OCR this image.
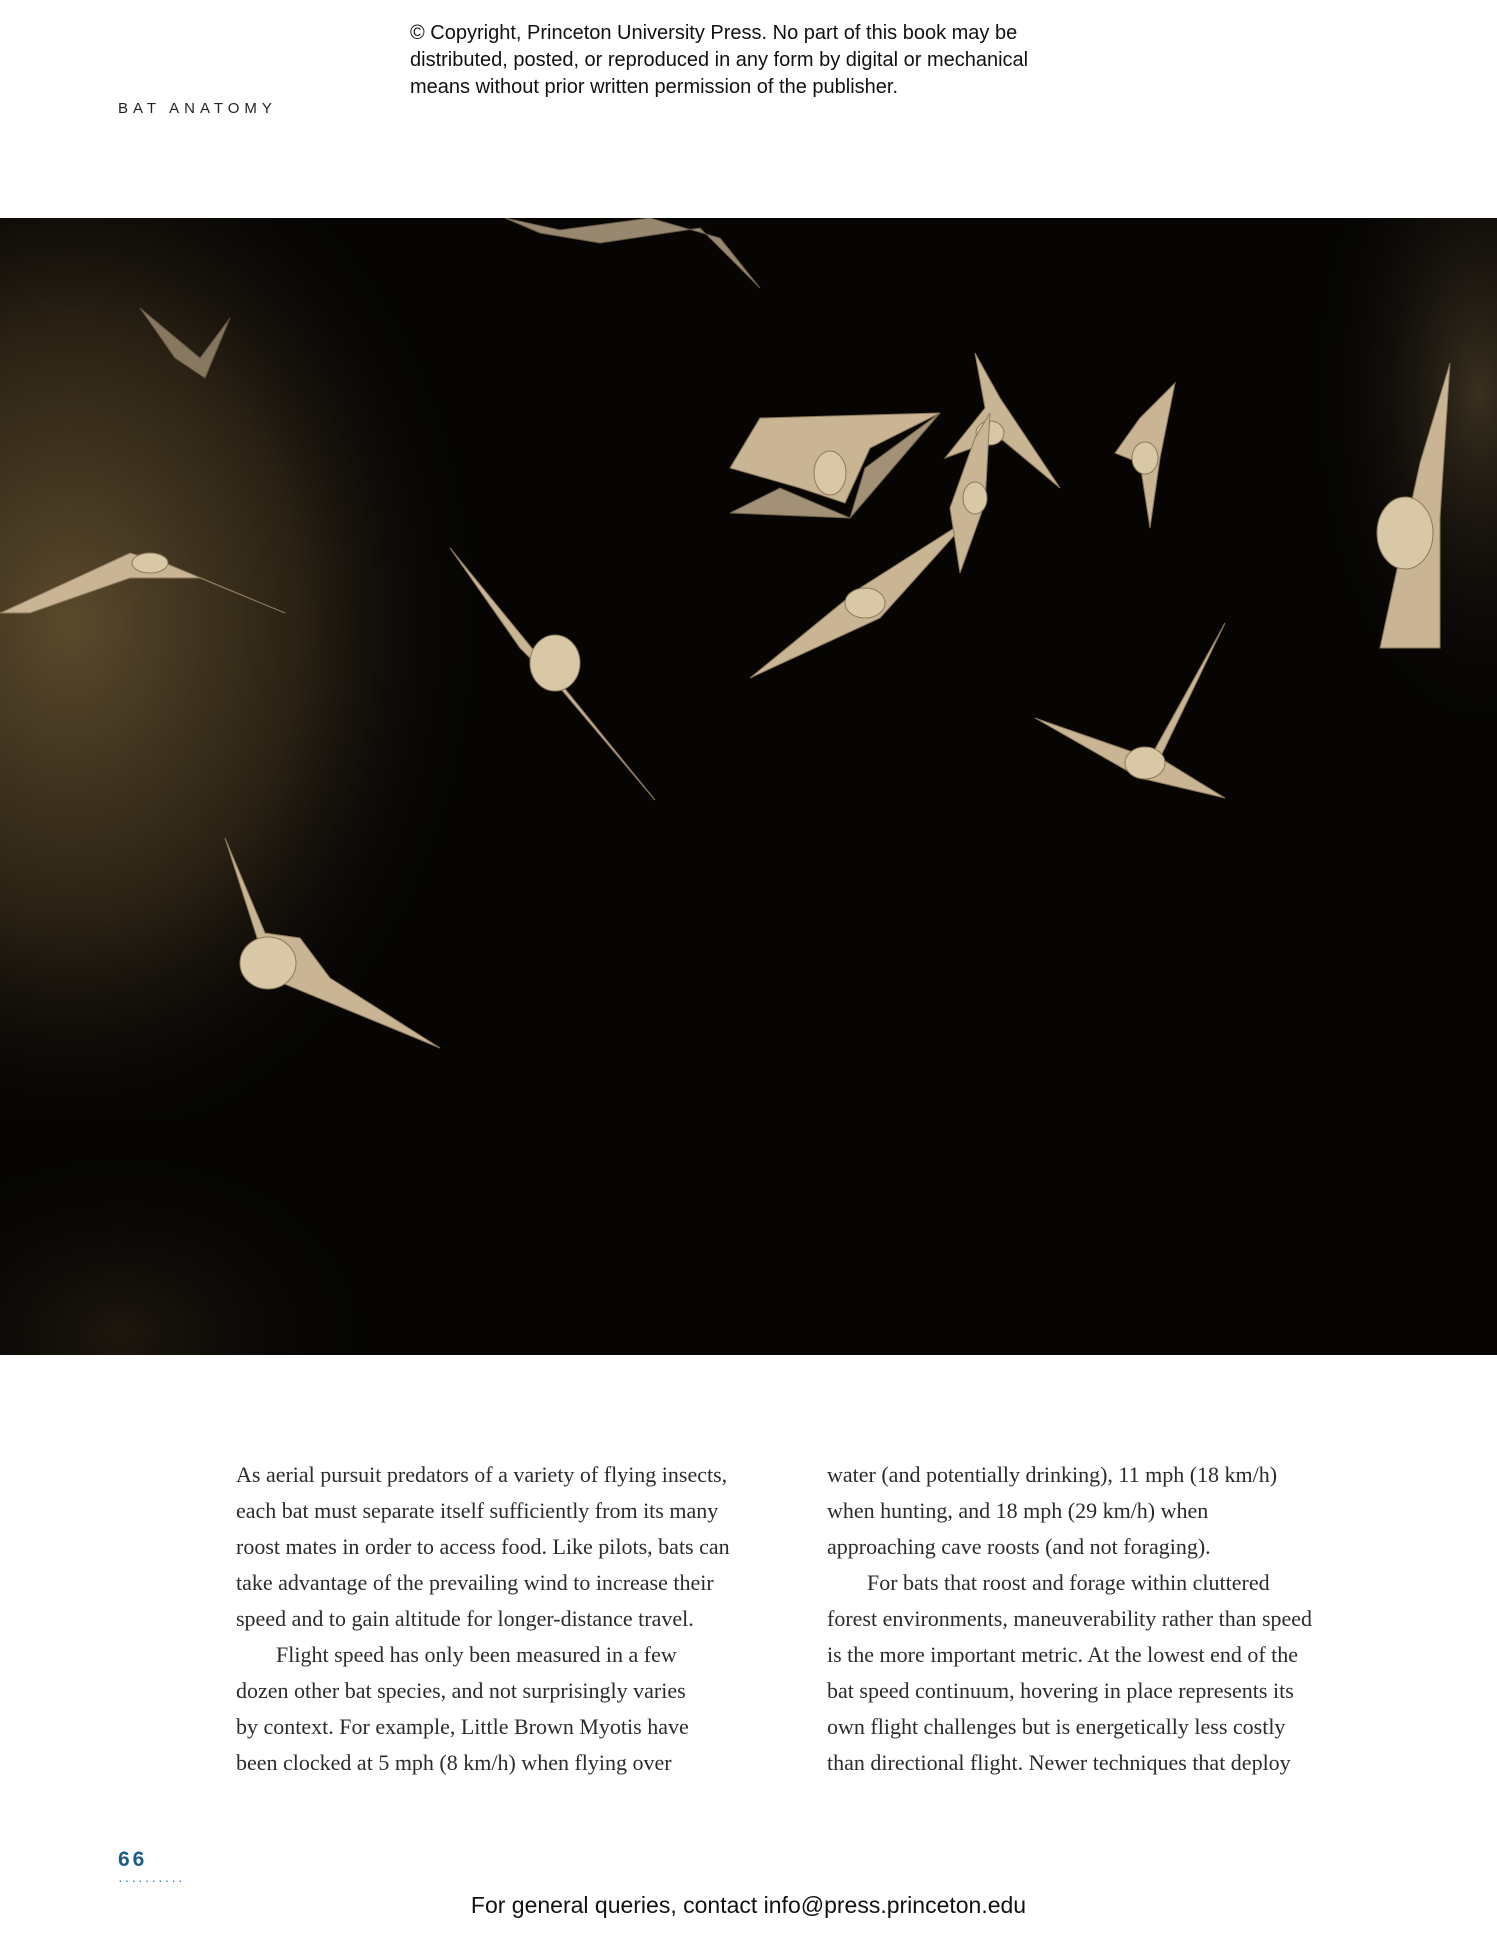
© Copyright, Princeton University Press. No part of this book may be
distributed, posted, or reproduced in any form by digital or mechanical
means without prior written permission of the publisher.
BAT ANATOMY
As aerial pursuit predators of a variety of flying insects,
each bat must separate itself sufficiently from its many
roost mates in order to access food. Like pilots, bats can
take advantage of the prevailing wind to increase their
speed and to gain altitude for longer-distance travel.
Flight speed has only been measured in a few
dozen other bat species, and not surprisingly varies
by context. For example, Little Brown Myotis have
been clocked at 5 mph (8 km/h) when flying over
water (and potentially drinking), 11 mph (18 km/h)
when hunting, and 18 mph (29 km/h) when
approaching cave roosts (and not foraging).
For bats that roost and forage within cluttered
forest environments, maneuverability rather than speed
is the more important metric. At the lowest end of the
bat speed continuum, hovering in place represents its
own flight challenges but is energetically less costly
than directional flight. Newer techniques that deploy
66
··········
For general queries, contact info@press.princeton.edu
